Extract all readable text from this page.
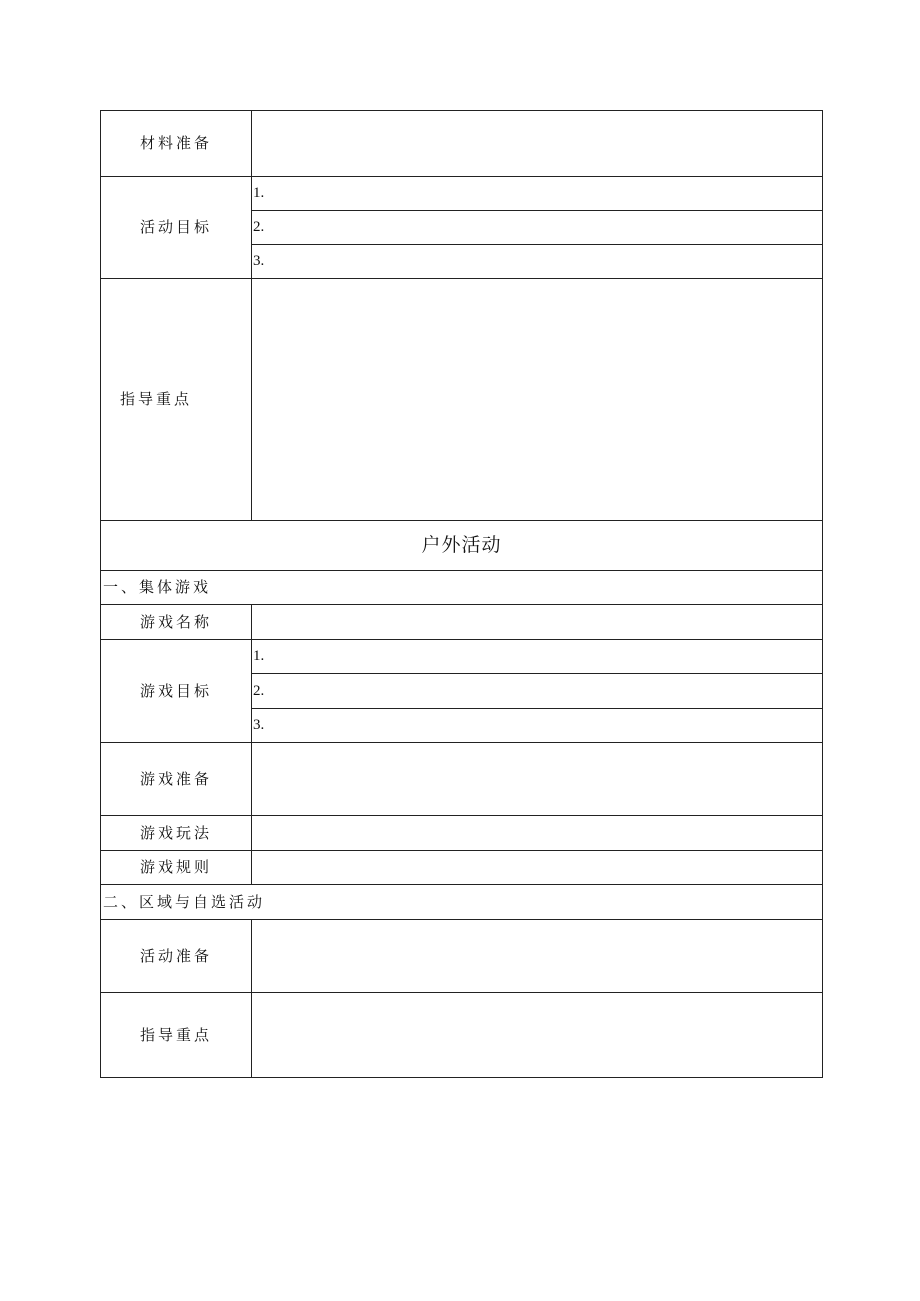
材料准备	
活动目标	1.
	2.
	3.
指导重点	
户外活动	
一、集体游戏	
游戏名称	
游戏目标	1.
	2.
	3.
游戏准备	
游戏玩法	
游戏规则	
二、区域与自选活动	
活动准备	
指导重点	
